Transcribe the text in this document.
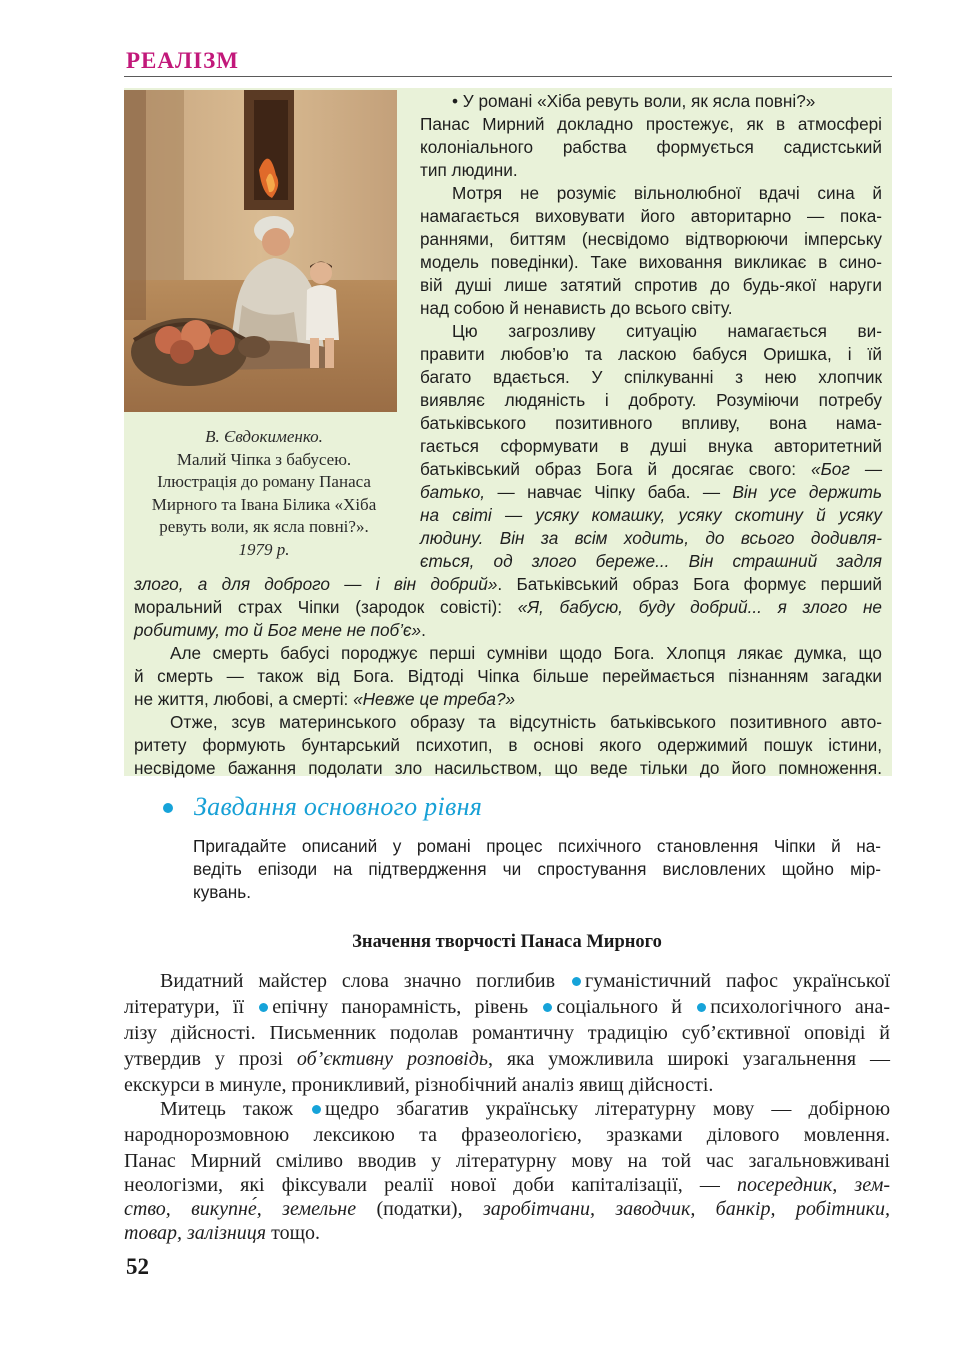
РЕАЛІЗМ
В. Євдокименко.
Малий Чіпка з бабусею.
Ілюстрація до роману Панаса
Мирного та Івана Білика «Хіба
ревуть воли, як ясла повні?».
1979 р.
• У романі «Хіба ревуть воли, як ясла повні?»
Панас Мирний докладно простежує, як в атмосфері
колоніального рабства формується садистський
тип людини.
Мотря не розуміє вільнолюбної вдачі сина й
намагається виховувати його авторитарно — пока-
раннями, биттям (несвідомо відтворюючи імперську
модель поведінки). Таке виховання викликає в сино-
вій душі лише затятий спротив до будь-якої наруги
над собою й ненависть до всього світу.
Цю загрозливу ситуацію намагається ви-
правити любов’ю та ласкою бабуся Оришка, і їй
багато вдається. У спілкуванні з нею хлопчик
виявляє людяність і доброту. Розуміючи потребу
батьківського позитивного впливу, вона нама-
гається сформувати в душі внука авторитетний
батьківський образ Бога й досягає свого: «Бог —
батько, — навчає Чіпку баба. — Він усе держить
на світі — усяку комашку, усяку скотину й усяку
людину. Він за всім ходить, до всього додивля-
ється, од злого береже... Він страшний задля
злого, а для доброго — і він добрий». Батьківський образ Бога формує перший
моральний страх Чіпки (зародок совісті): «Я, бабусю, буду добрий... я злого не
робитиму, то й Бог мене не поб’є».
Але смерть бабусі породжує перші сумніви щодо Бога. Хлопця лякає думка, що
й смерть — також від Бога. Відтоді Чіпка більше переймається пізнанням загадки
не життя, любові, а смерті: «Невже це треба?»
Отже, зсув материнського образу та відсутність батьківського позитивного авто-
ритету формують бунтарський психотип, в основі якого одержимий пошук істини,
несвідоме бажання подолати зло насильством, що веде тільки до його помноження.
Завдання основного рівня
Пригадайте описаний у романі процес психічного становлення Чіпки й на-
ведіть епізоди на підтвердження чи спростування висловлених щойно мір-
кувань.
Значення творчості Панаса Мирного
Видатний майстер слова значно поглибив гуманістичний пафос української
літератури, її епічну панорамність, рівень соціального й психологічного ана-
лізу дійсності. Письменник подолав романтичну традицію суб’єктивної оповіді й
утвердив у прозі об’єктивну розповідь, яка уможливила широкі узагальнення —
екскурси в минуле, проникливий, різнобічний аналіз явищ дійсності.
Митець також щедро збагатив українську літературну мову — добірною
народнорозмовною лексикою та фразеологією, зразками ділового мовлення.
Панас Мирний сміливо вводив у літературну мову на той час загальновживані
неологізми, які фіксували реалії нової доби капіталізації, — посередник, зем-
ство, викупне́, земельне (податки), заробітчани, заводчик, банкір, робітники,
товар, залізниця тощо.
52
